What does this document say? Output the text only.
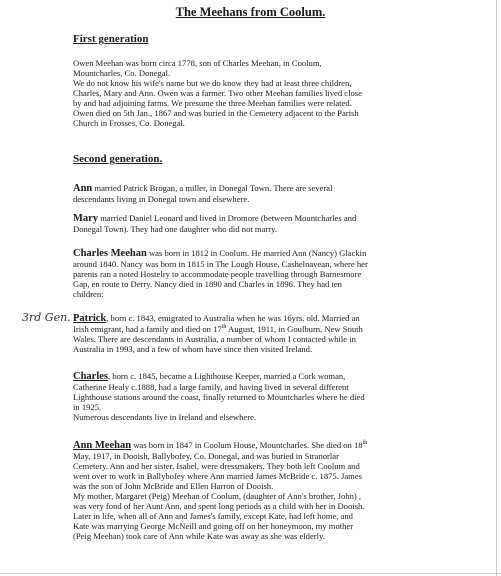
The Meehans from Coolum.
First generation

Owen Meehan was born circa 1778, son of Charles Meehan, in Coolum,
Mountcharles, Co. Donegal.
We do not know his wife's name but we do know they had at least three children,
Charles, Mary and Ann. Owen was a farmer. Two other Meehan families lived close
by and had adjoining farms. We presume the three Meehan families were related.
Owen died on 5th Jan., 1867 and was buried in the Cemetery adjacent to the Parish
Church in Frosses, Co. Donegal.

Second generation.

Ann married Patrick Brogan, a miller, in Donegal Town. There are several
descendants living in Donegal town and elsewhere.

Mary married Daniel Leonard and lived in Dromore (between Mountcharles and
Donegal Town). They had one daughter who did not marry.

Charles Meehan was born in 1812 in Coolum. He married Ann (Nancy) Glackin
around 1840. Nancy was born in 1815 in The Lough House, Cashelnavean, where her
parents ran a noted Hostelry to accommodate people travelling through Barnesmore
Gap, en route to Derry. Nancy died in 1890 and Charles in 1896. They had ten
children:

3rd Gen. Patrick, born c. 1843, emigrated to Australia when he was 16yrs. old. Married an
Irish emigrant, had a family and died on 17th August, 1911, in Goulburn, New South
Wales. There are descendants in Australia, a number of whom I contacted while in
Australia in 1993, and a few of whom have since then visited Ireland.

Charles, born c. 1845, became a Lighthouse Keeper, married a Cork woman,
Catherine Healy c.1888, had a large family, and having lived in several different
Lighthouse stations around the coast, finally returned to Mountcharles where he died
in 1925.
Numerous descendants live in Ireland and elsewhere.

Ann Meehan was born in 1847 in Coolum House, Mountcharles. She died on 18th
May, 1917, in Dooish, Ballybofey, Co. Donegal, and was buried in Stranorlar
Cemetery. Ann and her sister, Isabel, were dressmakers. They both left Coolum and
went over to work in Ballybofey where Ann married James McBride c. 1875. James
was the son of John McBride and Ellen Harron of Dooish.
My mother, Margaret (Peig) Meehan of Coolum, (daughter of Ann's brother, John) ,
was very fond of her Aunt Ann, and spent long periods as a child with her in Dooish.
Later in life, when all of Ann and James's family, except Kate, had left home, and
Kate was marrying George McNeill and going off on her honeymoon, my mother
(Peig Meehan) took care of Ann while Kate was away as she was elderly.
